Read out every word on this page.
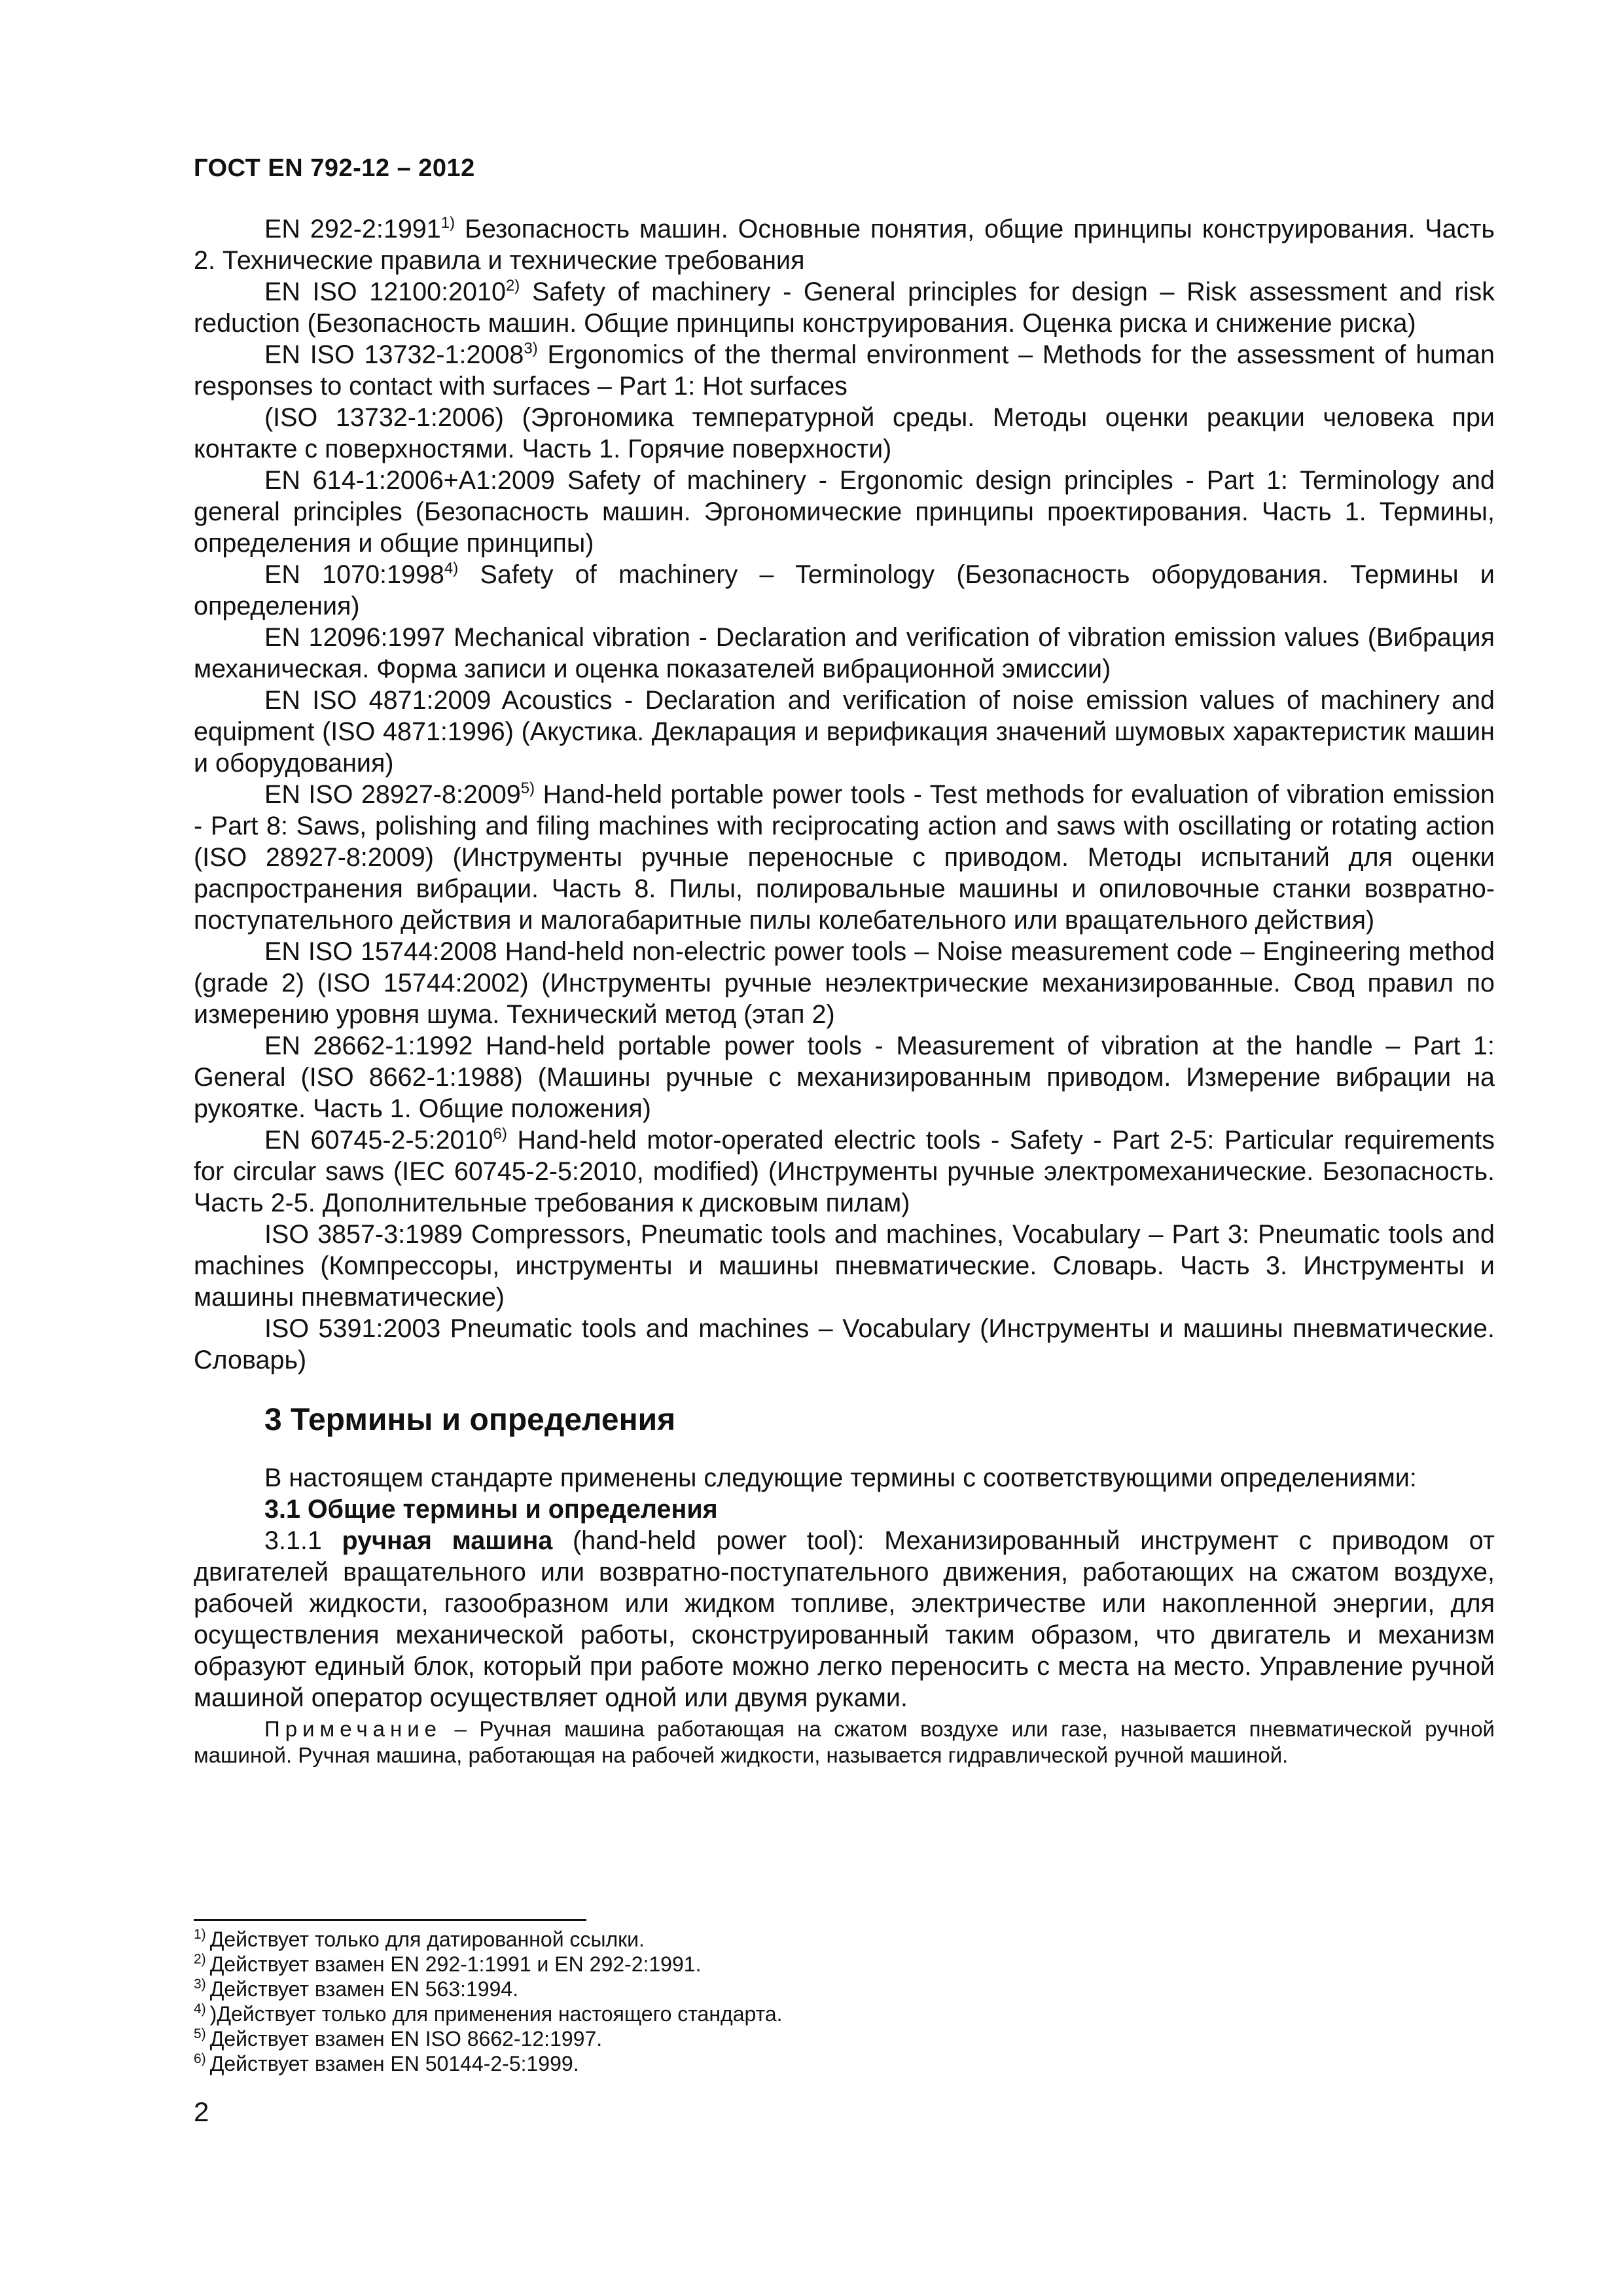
ГОСТ EN 792-12 – 2012

EN 292-2:1991$^{1)}$ Безопасность машин. Основные понятия, общие принципы конструирования. Часть 2. Технические правила и технические требования

EN ISO 12100:2010$^{2)}$ Safety of machinery - General principles for design – Risk assessment and risk reduction (Безопасность машин. Общие принципы конструирования. Оценка риска и снижение риска)

EN ISO 13732-1:2008$^{3)}$ Ergonomics of the thermal environment – Methods for the assessment of human responses to contact with surfaces – Part 1: Hot surfaces

(ISO 13732-1:2006) (Эргономика температурной среды. Методы оценки реакции человека при контакте с поверхностями. Часть 1. Горячие поверхности)

EN 614-1:2006+A1:2009 Safety of machinery - Ergonomic design principles - Part 1: Terminology and general principles (Безопасность машин. Эргономические принципы проектирования. Часть 1. Термины, определения и общие принципы)

EN 1070:1998$^{4)}$ Safety of machinery – Terminology (Безопасность оборудования. Термины и определения)

EN 12096:1997 Mechanical vibration - Declaration and verification of vibration emission values (Вибрация механическая. Форма записи и оценка показателей вибрационной эмиссии)

EN ISO 4871:2009 Acoustics - Declaration and verification of noise emission values of machinery and equipment (ISO 4871:1996) (Акустика. Декларация и верификация значений шумовых характеристик машин и оборудования)

EN ISO 28927-8:2009$^{5)}$ Hand-held portable power tools - Test methods for evaluation of vibration emission - Part 8: Saws, polishing and filing machines with reciprocating action and saws with oscillating or rotating action (ISO 28927-8:2009) (Инструменты ручные переносные с приводом. Методы испытаний для оценки распространения вибрации. Часть 8. Пилы, полировальные машины и опиловочные станки возвратно-поступательного действия и малогабаритные пилы колебательного или вращательного действия)

EN ISO 15744:2008 Hand-held non-electric power tools – Noise measurement code – Engineering method (grade 2) (ISO 15744:2002) (Инструменты ручные неэлектрические механизированные. Свод правил по измерению уровня шума. Технический метод (этап 2)

EN 28662-1:1992 Hand-held portable power tools - Measurement of vibration at the handle – Part 1: General (ISO 8662-1:1988) (Машины ручные с механизированным приводом. Измерение вибрации на рукоятке. Часть 1. Общие положения)

EN 60745-2-5:2010$^{6)}$ Hand-held motor-operated electric tools - Safety - Part 2-5: Particular requirements for circular saws (IEC 60745-2-5:2010, modified) (Инструменты ручные электромеханические. Безопасность. Часть 2-5. Дополнительные требования к дисковым пилам)

ISO 3857-3:1989 Compressors, Pneumatic tools and machines, Vocabulary – Part 3: Pneumatic tools and machines (Компрессоры, инструменты и машины пневматические. Словарь. Часть 3. Инструменты и машины пневматические)

ISO 5391:2003 Pneumatic tools and machines – Vocabulary (Инструменты и машины пневматические. Словарь)

3 Термины и определения

В настоящем стандарте применены следующие термины с соответствующими определениями:

3.1 Общие термины и определения

3.1.1 ручная машина (hand-held power tool): Механизированный инструмент с приводом от двигателей вращательного или возвратно-поступательного движения, работающих на сжатом воздухе, рабочей жидкости, газообразном или жидком топливе, электричестве или накопленной энергии, для осуществления механической работы, сконструированный таким образом, что двигатель и механизм образуют единый блок, который при работе можно легко переносить с места на место. Управление ручной машиной оператор осуществляет одной или двумя руками.

Примечание – Ручная машина работающая на сжатом воздухе или газе, называется пневматической ручной машиной. Ручная машина, работающая на рабочей жидкости, называется гидравлической ручной машиной.

$^{1)}$ Действует только для датированной ссылки.

$^{2)}$ Действует взамен EN 292-1:1991 и EN 292-2:1991.

$^{3)}$ Действует взамен EN 563:1994.

$^{4)}$ )Действует только для применения настоящего стандарта.

$^{5)}$ Действует взамен EN ISO 8662-12:1997.

$^{6)}$ Действует взамен EN 50144-2-5:1999.

2
